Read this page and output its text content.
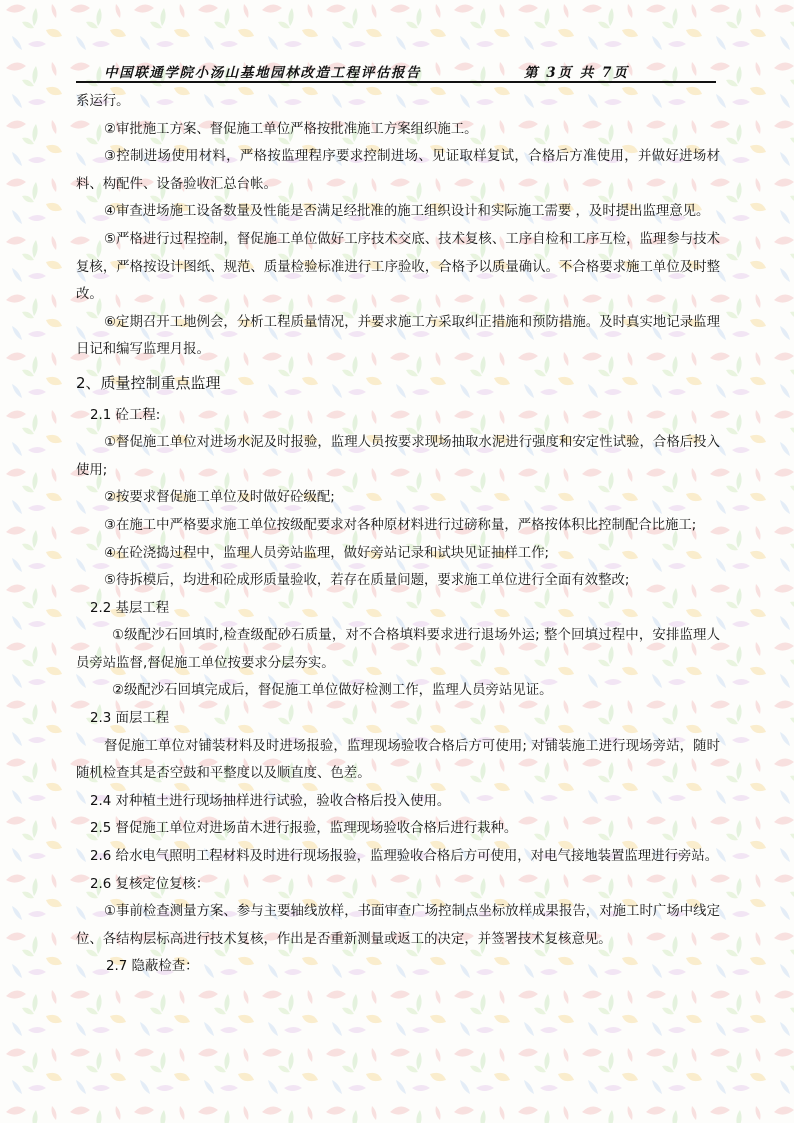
中国联通学院小汤山基地园林改造工程评估报告	第 3页 共 7页

系运行。

②审批施工方案、督促施工单位严格按批准施工方案组织施工。

③控制进场使用材料，严格按监理程序要求控制进场、见证取样复试，合格后方准使用，并做好进场材料、构配件、设备验收汇总台帐。

④审查进场施工设备数量及性能是否满足经批准的施工组织设计和实际施工需要 ，及时提出监理意见。

⑤严格进行过程控制，督促施工单位做好工序技术交底、技术复核、工序自检和工序互检，监理参与技术复核，严格按设计图纸、规范、质量检验标准进行工序验收，合格予以质量确认。不合格要求施工单位及时整改。

⑥定期召开工地例会，分析工程质量情况，并要求施工方采取纠正措施和预防措施。及时真实地记录监理日记和编写监理月报。

2、质量控制重点监理

2.1 砼工程:

①督促施工单位对进场水泥及时报验，监理人员按要求现场抽取水泥进行强度和安定性试验，合格后投入使用;

②按要求督促施工单位及时做好砼级配;

③在施工中严格要求施工单位按级配要求对各种原材料进行过磅称量，严格按体积比控制配合比施工;

④在砼浇捣过程中，监理人员旁站监理，做好旁站记录和试块见证抽样工作;

⑤待拆模后，均进和砼成形质量验收，若存在质量问题，要求施工单位进行全面有效整改;

2.2 基层工程

①级配沙石回填时,检查级配砂石质量，对不合格填料要求进行退场外运; 整个回填过程中，安排监理人员旁站监督,督促施工单位按要求分层夯实。

②级配沙石回填完成后，督促施工单位做好检测工作，监理人员旁站见证。

2.3 面层工程

督促施工单位对铺装材料及时进场报验，监理现场验收合格后方可使用; 对铺装施工进行现场旁站，随时随机检查其是否空鼓和平整度以及顺直度、色差。

2.4 对种植土进行现场抽样进行试验，验收合格后投入使用。

2.5 督促施工单位对进场苗木进行报验，监理现场验收合格后进行栽种。

2.6 给水电气照明工程材料及时进行现场报验，监理验收合格后方可使用，对电气接地装置监理进行旁站。

2.6 复核定位复核：

①事前检查测量方案、参与主要轴线放样，书面审查广场控制点坐标放样成果报告，对施工时广场中线定位、各结构层标高进行技术复核，作出是否重新测量或返工的决定，并签署技术复核意见。

2.7 隐蔽检查：
